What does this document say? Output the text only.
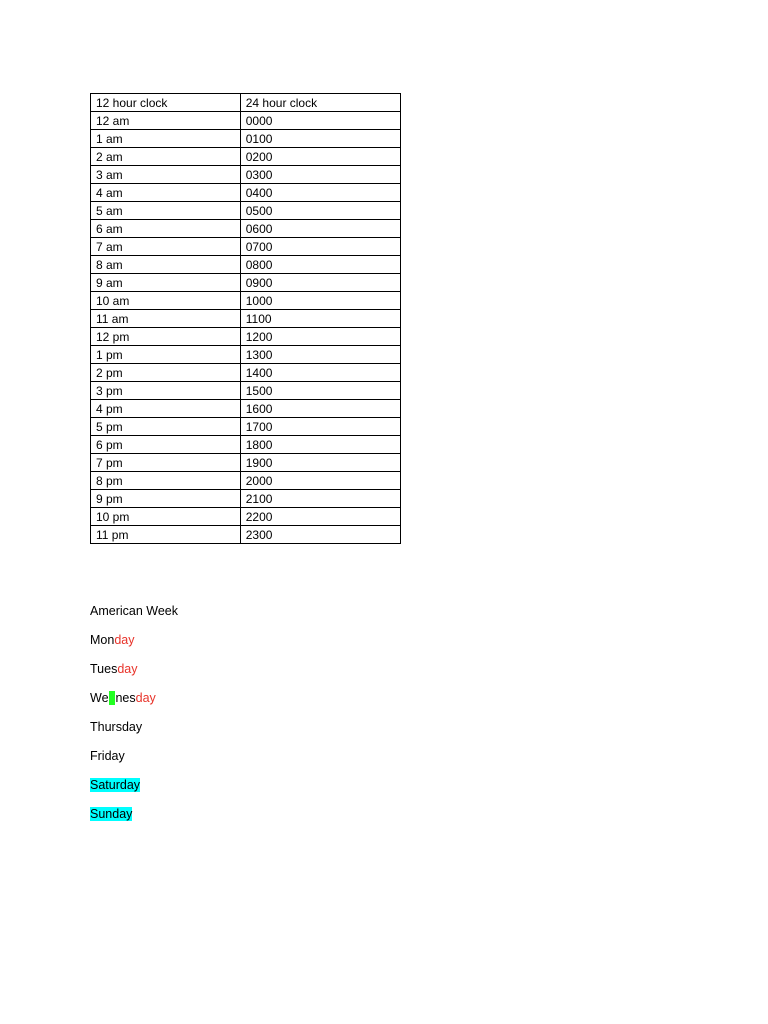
12 hour clock	24 hour clock
12 am	0000
1 am	0100
2 am	0200
3 am	0300
4 am	0400
5 am	0500
6 am	0600
7 am	0700
8 am	0800
9 am	0900
10 am	1000
11 am	1100
12 pm	1200
1 pm	1300
2 pm	1400
3 pm	1500
4 pm	1600
5 pm	1700
6 pm	1800
7 pm	1900
8 pm	2000
9 pm	2100
10 pm	2200
11 pm	2300

American Week

Monday

Tuesday

Wednesday

Thursday

Friday

Saturday

Sunday
